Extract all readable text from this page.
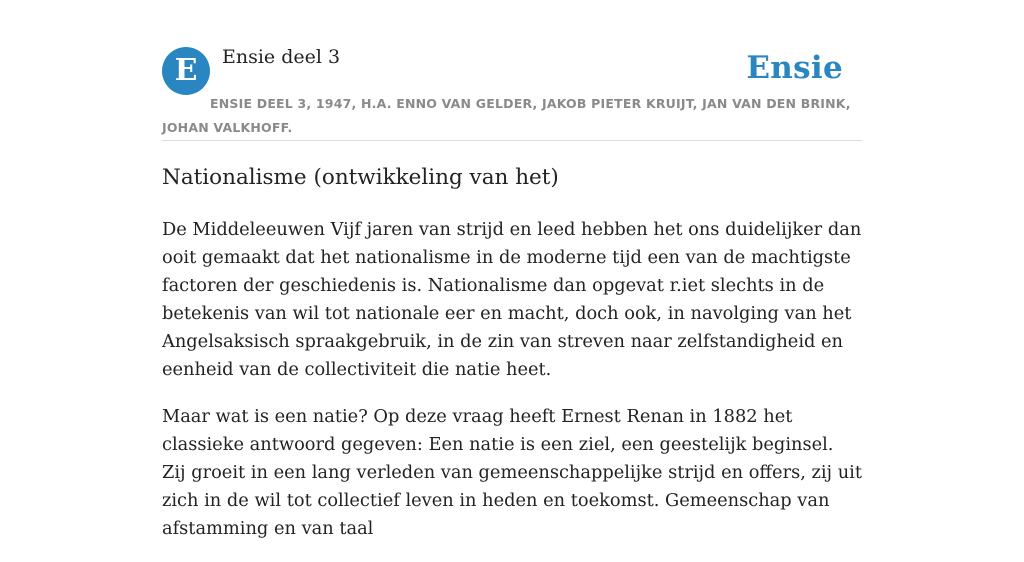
E	Ensie deel 3	Ensie
ENSIE DEEL 3, 1947, H.A. ENNO VAN GELDER, JAKOB PIETER KRUIJT, JAN VAN DEN BRINK, JOHAN VALKHOFF.
Nationalisme (ontwikkeling van het)

De Middeleeuwen Vijf jaren van strijd en leed hebben het ons duidelijker dan ooit gemaakt dat het nationalisme in de moderne tijd een van de machtigste factoren der geschiedenis is. Nationalisme dan opgevat r.iet slechts in de betekenis van wil tot nationale eer en macht, doch ook, in navolging van het Angelsaksisch spraakgebruik, in de zin van streven naar zelfstandigheid en eenheid van de collectiviteit die natie heet.

Maar wat is een natie? Op deze vraag heeft Ernest Renan in 1882 het classieke antwoord gegeven: Een natie is een ziel, een geestelijk beginsel. Zij groeit in een lang verleden van gemeenschappelijke strijd en offers, zij uit zich in de wil tot collectief leven in heden en toekomst. Gemeenschap van afstamming en van taal
